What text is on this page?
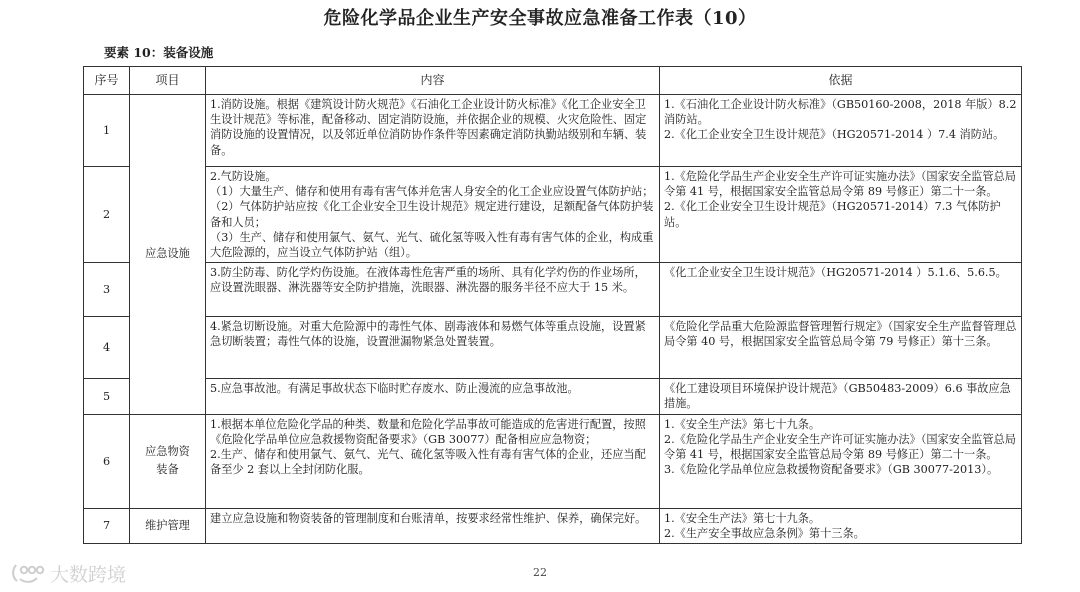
危险化学品企业生产安全事故应急准备工作表（10）
要素 10：装备设施
序号	项目	内容	依据
1	应急设施	1.消防设施。根据《建筑设计防火规范》《石油化工企业设计防火标准》《化工企业安全卫生设计规范》等标准，配备移动、固定消防设施，并依据企业的规模、火灾危险性、固定消防设施的设置情况，以及邻近单位消防协作条件等因素确定消防执勤站级别和车辆、装备。	1.《石油化工企业设计防火标准》（GB50160-2008，2018 年版）8.2 消防站。
2.《化工企业安全卫生设计规范》（HG20571-2014 ）7.4 消防站。
2		2.气防设施。
（1）大量生产、储存和使用有毒有害气体并危害人身安全的化工企业应设置气体防护站；
（2）气体防护站应按《化工企业安全卫生设计规范》规定进行建设，足额配备气体防护装备和人员；
（3）生产、储存和使用氯气、氨气、光气、硫化氢等吸入性有毒有害气体的企业，构成重大危险源的，应当设立气体防护站（组）。	1.《危险化学品生产企业安全生产许可证实施办法》（国家安全监管总局令第 41 号，根据国家安全监管总局令第 89 号修正）第二十一条。
2.《化工企业安全卫生设计规范》（HG20571-2014）7.3 气体防护站。
3		3.防尘防毒、防化学灼伤设施。在液体毒性危害严重的场所、具有化学灼伤的作业场所，应设置洗眼器、淋洗器等安全防护措施，洗眼器、淋洗器的服务半径不应大于 15 米。	《化工企业安全卫生设计规范》（HG20571-2014 ）5.1.6、5.6.5。
4		4.紧急切断设施。对重大危险源中的毒性气体、剧毒液体和易燃气体等重点设施，设置紧急切断装置；毒性气体的设施，设置泄漏物紧急处置装置。	《危险化学品重大危险源监督管理暂行规定》（国家安全生产监督管理总局令第 40 号，根据国家安全监管总局令第 79 号修正）第十三条。
5		5.应急事故池。有满足事故状态下临时贮存废水、防止漫流的应急事故池。	《化工建设项目环境保护设计规范》（GB50483-2009）6.6 事故应急措施。
6	应急物资
装备	1.根据本单位危险化学品的种类、数量和危险化学品事故可能造成的危害进行配置，按照《危险化学品单位应急救援物资配备要求》（GB 30077）配备相应应急物资；
2.生产、储存和使用氯气、氨气、光气、硫化氢等吸入性有毒有害气体的企业，还应当配备至少 2 套以上全封闭防化服。	1.《安全生产法》第七十九条。
2.《危险化学品生产企业安全生产许可证实施办法》（国家安全监管总局令第 41 号，根据国家安全监管总局令第 89 号修正）第二十一条。
3.《危险化学品单位应急救援物资配备要求》（GB 30077-2013）。
7	维护管理	建立应急设施和物资装备的管理制度和台账清单，按要求经常性维护、保养，确保完好。	1.《安全生产法》第七十九条。
2.《生产安全事故应急条例》第十三条。
22
大数跨境
